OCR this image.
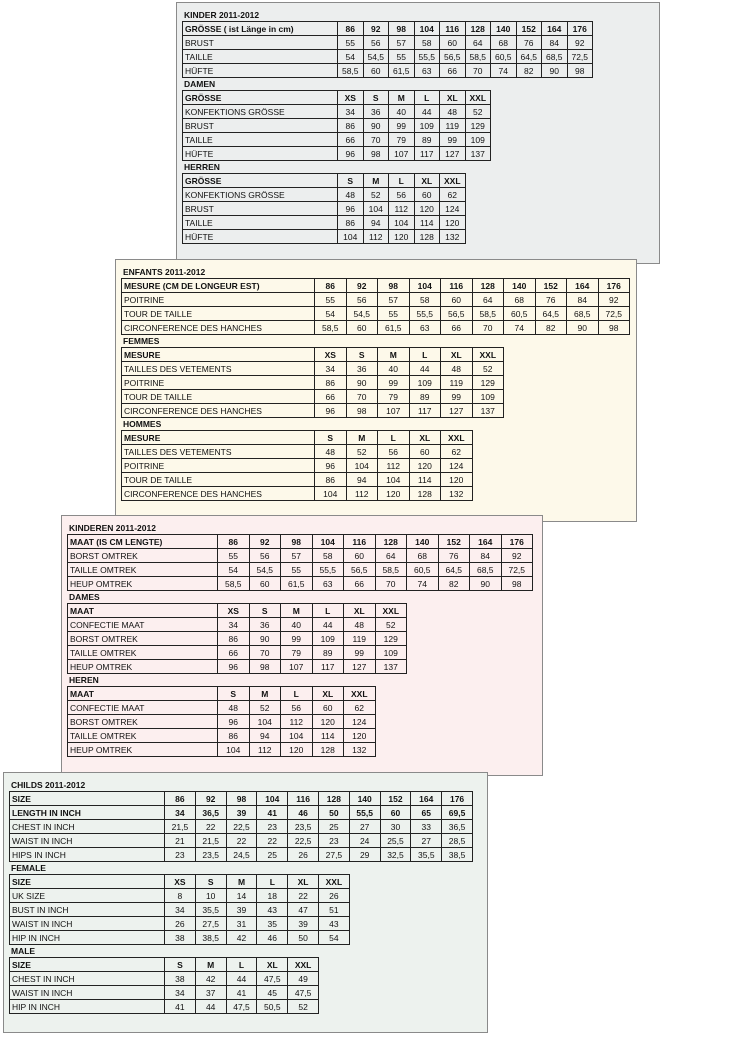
KINDER 2011-2012
GRÖSSE ( ist Länge in cm)	86	92	98	104	116	128	140	152	164	176
BRUST	55	56	57	58	60	64	68	76	84	92
TAILLE	54	54,5	55	55,5	56,5	58,5	60,5	64,5	68,5	72,5
HÜFTE	58,5	60	61,5	63	66	70	74	82	90	98
DAMEN
GRÖSSE	XS	S	M	L	XL	XXL
KONFEKTIONS GRÖSSE	34	36	40	44	48	52
BRUST	86	90	99	109	119	129
TAILLE	66	70	79	89	99	109
HÜFTE	96	98	107	117	127	137
HERREN
GRÖSSE	S	M	L	XL	XXL
KONFEKTIONS GRÖSSE	48	52	56	60	62
BRUST	96	104	112	120	124
TAILLE	86	94	104	114	120
HÜFTE	104	112	120	128	132
ENFANTS 2011-2012
MESURE (CM DE LONGEUR EST)	86	92	98	104	116	128	140	152	164	176
POITRINE	55	56	57	58	60	64	68	76	84	92
TOUR DE TAILLE	54	54,5	55	55,5	56,5	58,5	60,5	64,5	68,5	72,5
CIRCONFERENCE DES HANCHES	58,5	60	61,5	63	66	70	74	82	90	98
FEMMES
MESURE	XS	S	M	L	XL	XXL
TAILLES DES VETEMENTS	34	36	40	44	48	52
POITRINE	86	90	99	109	119	129
TOUR DE TAILLE	66	70	79	89	99	109
CIRCONFERENCE DES HANCHES	96	98	107	117	127	137
HOMMES
MESURE	S	M	L	XL	XXL
TAILLES DES VETEMENTS	48	52	56	60	62
POITRINE	96	104	112	120	124
TOUR DE TAILLE	86	94	104	114	120
CIRCONFERENCE DES HANCHES	104	112	120	128	132
KINDEREN 2011-2012
MAAT (IS CM LENGTE)	86	92	98	104	116	128	140	152	164	176
BORST OMTREK	55	56	57	58	60	64	68	76	84	92
TAILLE OMTREK	54	54,5	55	55,5	56,5	58,5	60,5	64,5	68,5	72,5
HEUP OMTREK	58,5	60	61,5	63	66	70	74	82	90	98
DAMES
MAAT	XS	S	M	L	XL	XXL
CONFECTIE MAAT	34	36	40	44	48	52
BORST OMTREK	86	90	99	109	119	129
TAILLE OMTREK	66	70	79	89	99	109
HEUP OMTREK	96	98	107	117	127	137
HEREN
MAAT	S	M	L	XL	XXL
CONFECTIE MAAT	48	52	56	60	62
BORST OMTREK	96	104	112	120	124
TAILLE OMTREK	86	94	104	114	120
HEUP OMTREK	104	112	120	128	132
CHILDS 2011-2012
SIZE	86	92	98	104	116	128	140	152	164	176
LENGTH IN INCH	34	36,5	39	41	46	50	55,5	60	65	69,5
CHEST IN INCH	21,5	22	22,5	23	23,5	25	27	30	33	36,5
WAIST IN INCH	21	21,5	22	22	22,5	23	24	25,5	27	28,5
HIPS IN INCH	23	23,5	24,5	25	26	27,5	29	32,5	35,5	38,5
FEMALE
SIZE	XS	S	M	L	XL	XXL
UK SIZE	8	10	14	18	22	26
BUST IN INCH	34	35,5	39	43	47	51
WAIST IN INCH	26	27,5	31	35	39	43
HIP IN INCH	38	38,5	42	46	50	54
MALE
SIZE	S	M	L	XL	XXL
CHEST IN INCH	38	42	44	47,5	49
WAIST IN INCH	34	37	41	45	47,5
HIP IN INCH	41	44	47,5	50,5	52
